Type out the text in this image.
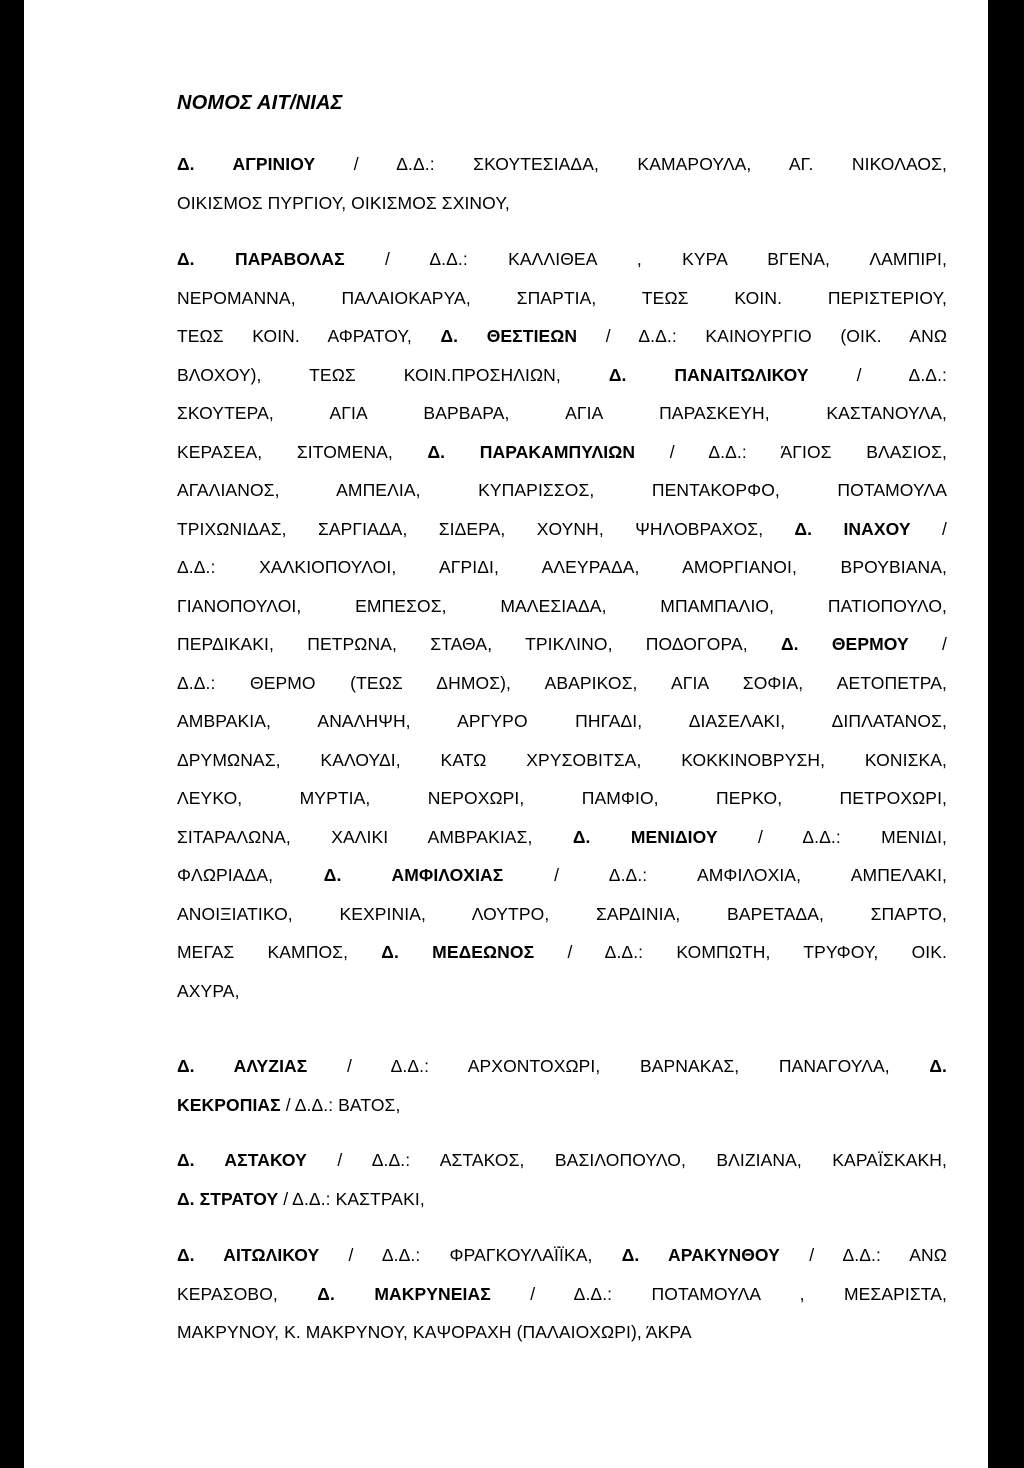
ΝΟΜΟΣ ΑΙΤ/ΝΙΑΣ
Δ. ΑΓΡΙΝΙΟΥ / Δ.Δ.: ΣΚΟΥΤΕΣΙΑΔΑ, ΚΑΜΑΡΟΥΛΑ, ΑΓ. ΝΙΚΟΛΑΟΣ,
ΟΙΚΙΣΜΟΣ ΠΥΡΓΙΟΥ, ΟΙΚΙΣΜΟΣ ΣΧΙΝΟΥ,
Δ. ΠΑΡΑΒΟΛΑΣ / Δ.Δ.: ΚΑΛΛΙΘΕΑ , ΚΥΡΑ ΒΓΕΝΑ, ΛΑΜΠΙΡΙ,
ΝΕΡΟΜΑΝΝΑ, ΠΑΛΑΙΟΚΑΡΥΑ, ΣΠΑΡΤΙΑ, ΤΕΩΣ ΚΟΙΝ. ΠΕΡΙΣΤΕΡΙΟΥ,
ΤΕΩΣ ΚΟΙΝ. ΑΦΡΑΤΟΥ, Δ. ΘΕΣΤΙΕΩΝ / Δ.Δ.: ΚΑΙΝΟΥΡΓΙΟ (ΟΙΚ. ΑΝΩ
ΒΛΟΧΟΥ), ΤΕΩΣ ΚΟΙΝ.ΠΡΟΣΗΛΙΩΝ, Δ. ΠΑΝΑΙΤΩΛΙΚΟΥ / Δ.Δ.:
ΣΚΟΥΤΕΡΑ, ΑΓΙΑ ΒΑΡΒΑΡΑ, ΑΓΙΑ ΠΑΡΑΣΚΕΥΗ, ΚΑΣΤΑΝΟΥΛΑ,
ΚΕΡΑΣΕΑ, ΣΙΤΟΜΕΝΑ, Δ. ΠΑΡΑΚΑΜΠΥΛΙΩΝ / Δ.Δ.: ΆΓΙΟΣ ΒΛΑΣΙΟΣ,
ΑΓΑΛΙΑΝΟΣ, ΑΜΠΕΛΙΑ, ΚΥΠΑΡΙΣΣΟΣ, ΠΕΝΤΑΚΟΡΦΟ, ΠΟΤΑΜΟΥΛΑ
ΤΡΙΧΩΝΙΔΑΣ, ΣΑΡΓΙΑΔΑ, ΣΙΔΕΡΑ, ΧΟΥΝΗ, ΨΗΛΟΒΡΑΧΟΣ, Δ. ΙΝΑΧΟΥ /
Δ.Δ.: ΧΑΛΚΙΟΠΟΥΛΟΙ, ΑΓΡΙΔΙ, ΑΛΕΥΡΑΔΑ, ΑΜΟΡΓΙΑΝΟΙ, ΒΡΟΥΒΙΑΝΑ,
ΓΙΑΝΟΠΟΥΛΟΙ, ΕΜΠΕΣΟΣ, ΜΑΛΕΣΙΑΔΑ, ΜΠΑΜΠΑΛΙΟ, ΠΑΤΙΟΠΟΥΛΟ,
ΠΕΡΔΙΚΑΚΙ, ΠΕΤΡΩΝΑ, ΣΤΑΘΑ, ΤΡΙΚΛΙΝΟ, ΠΟΔΟΓΟΡΑ, Δ. ΘΕΡΜΟΥ /
Δ.Δ.: ΘΕΡΜΟ (ΤΕΩΣ ΔΗΜΟΣ), ΑΒΑΡΙΚΟΣ, ΑΓΙΑ ΣΟΦΙΑ, ΑΕΤΟΠΕΤΡΑ,
ΑΜΒΡΑΚΙΑ, ΑΝΑΛΗΨΗ, ΑΡΓΥΡΟ ΠΗΓΑΔΙ, ΔΙΑΣΕΛΑΚΙ, ΔΙΠΛΑΤΑΝΟΣ,
ΔΡΥΜΩΝΑΣ, ΚΑΛΟΥΔΙ, ΚΑΤΩ ΧΡΥΣΟΒΙΤΣΑ, ΚΟΚΚΙΝΟΒΡΥΣΗ, ΚΟΝΙΣΚΑ,
ΛΕΥΚΟ, ΜΥΡΤΙΑ, ΝΕΡΟΧΩΡΙ, ΠΑΜΦΙΟ, ΠΕΡΚΟ, ΠΕΤΡΟΧΩΡΙ,
ΣΙΤΑΡΑΛΩΝΑ, ΧΑΛΙΚΙ ΑΜΒΡΑΚΙΑΣ, Δ. ΜΕΝΙΔΙΟΥ / Δ.Δ.: ΜΕΝΙΔΙ,
ΦΛΩΡΙΑΔΑ, Δ. ΑΜΦΙΛΟΧΙΑΣ / Δ.Δ.: ΑΜΦΙΛΟΧΙΑ, ΑΜΠΕΛΑΚΙ,
ΑΝΟΙΞΙΑΤΙΚΟ, ΚΕΧΡΙΝΙΑ, ΛΟΥΤΡΟ, ΣΑΡΔΙΝΙΑ, ΒΑΡΕΤΑΔΑ, ΣΠΑΡΤΟ,
ΜΕΓΑΣ ΚΑΜΠΟΣ, Δ. ΜΕΔΕΩΝΟΣ / Δ.Δ.: ΚΟΜΠΩΤΗ, ΤΡΥΦΟΥ, ΟΙΚ.
ΑΧΥΡΑ,
Δ. ΑΛΥΖΙΑΣ / Δ.Δ.: ΑΡΧΟΝΤΟΧΩΡΙ, ΒΑΡΝΑΚΑΣ, ΠΑΝΑΓΟΥΛΑ, Δ.
ΚΕΚΡΟΠΙΑΣ / Δ.Δ.: ΒΑΤΟΣ,
Δ. ΑΣΤΑΚΟΥ / Δ.Δ.: ΑΣΤΑΚΟΣ, ΒΑΣΙΛΟΠΟΥΛΟ, ΒΛΙΖΙΑΝΑ, ΚΑΡΑΪΣΚΑΚΗ,
Δ. ΣΤΡΑΤΟΥ / Δ.Δ.: ΚΑΣΤΡΑΚΙ,
Δ. ΑΙΤΩΛΙΚΟΥ / Δ.Δ.: ΦΡΑΓΚΟΥΛΑΪΪΚΑ, Δ. ΑΡΑΚΥΝΘΟΥ / Δ.Δ.: ΑΝΩ
ΚΕΡΑΣΟΒΟ, Δ. ΜΑΚΡΥΝΕΙΑΣ / Δ.Δ.: ΠΟΤΑΜΟΥΛΑ , ΜΕΣΑΡΙΣΤΑ,
ΜΑΚΡΥΝΟΥ, Κ. ΜΑΚΡΥΝΟΥ, ΚΑΨΟΡΑΧΗ (ΠΑΛΑΙΟΧΩΡΙ), ΆΚΡΑ
